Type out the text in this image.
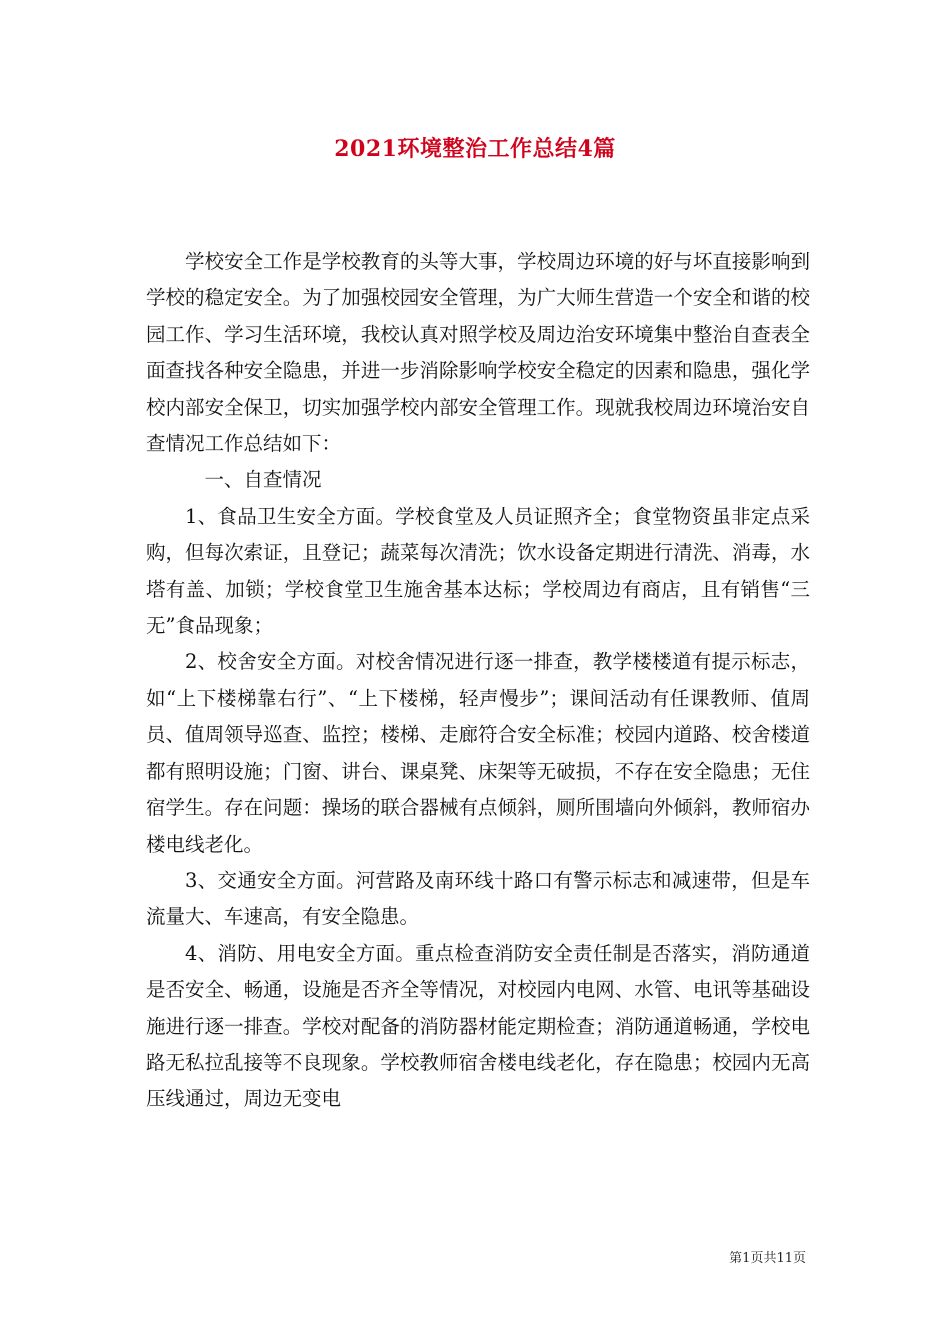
2021环境整治工作总结4篇

学校安全工作是学校教育的头等大事，学校周边环境的好与坏直接影响到学校的稳定安全。为了加强校园安全管理，为广大师生营造一个安全和谐的校园工作、学习生活环境，我校认真对照学校及周边治安环境集中整治自查表全面查找各种安全隐患，并进一步消除影响学校安全稳定的因素和隐患，强化学校内部安全保卫，切实加强学校内部安全管理工作。现就我校周边环境治安自查情况工作总结如下：

一、自查情况

1、食品卫生安全方面。学校食堂及人员证照齐全；食堂物资虽非定点采购，但每次索证，且登记；蔬菜每次清洗；饮水设备定期进行清洗、消毒，水塔有盖、加锁；学校食堂卫生施舍基本达标；学校周边有商店，且有销售“三无”食品现象；

2、校舍安全方面。对校舍情况进行逐一排查，教学楼楼道有提示标志，如“上下楼梯靠右行”、“上下楼梯，轻声慢步”；课间活动有任课教师、值周员、值周领导巡查、监控；楼梯、走廊符合安全标准；校园内道路、校舍楼道都有照明设施；门窗、讲台、课桌凳、床架等无破损，不存在安全隐患；无住宿学生。存在问题：操场的联合器械有点倾斜，厕所围墙向外倾斜，教师宿办楼电线老化。

3、交通安全方面。河营路及南环线十路口有警示标志和减速带，但是车流量大、车速高，有安全隐患。

4、消防、用电安全方面。重点检查消防安全责任制是否落实，消防通道是否安全、畅通，设施是否齐全等情况，对校园内电网、水管、电讯等基础设施进行逐一排查。学校对配备的消防器材能定期检查；消防通道畅通，学校电路无私拉乱接等不良现象。学校教师宿舍楼电线老化，存在隐患；校园内无高压线通过，周边无变电

第1页共11页
